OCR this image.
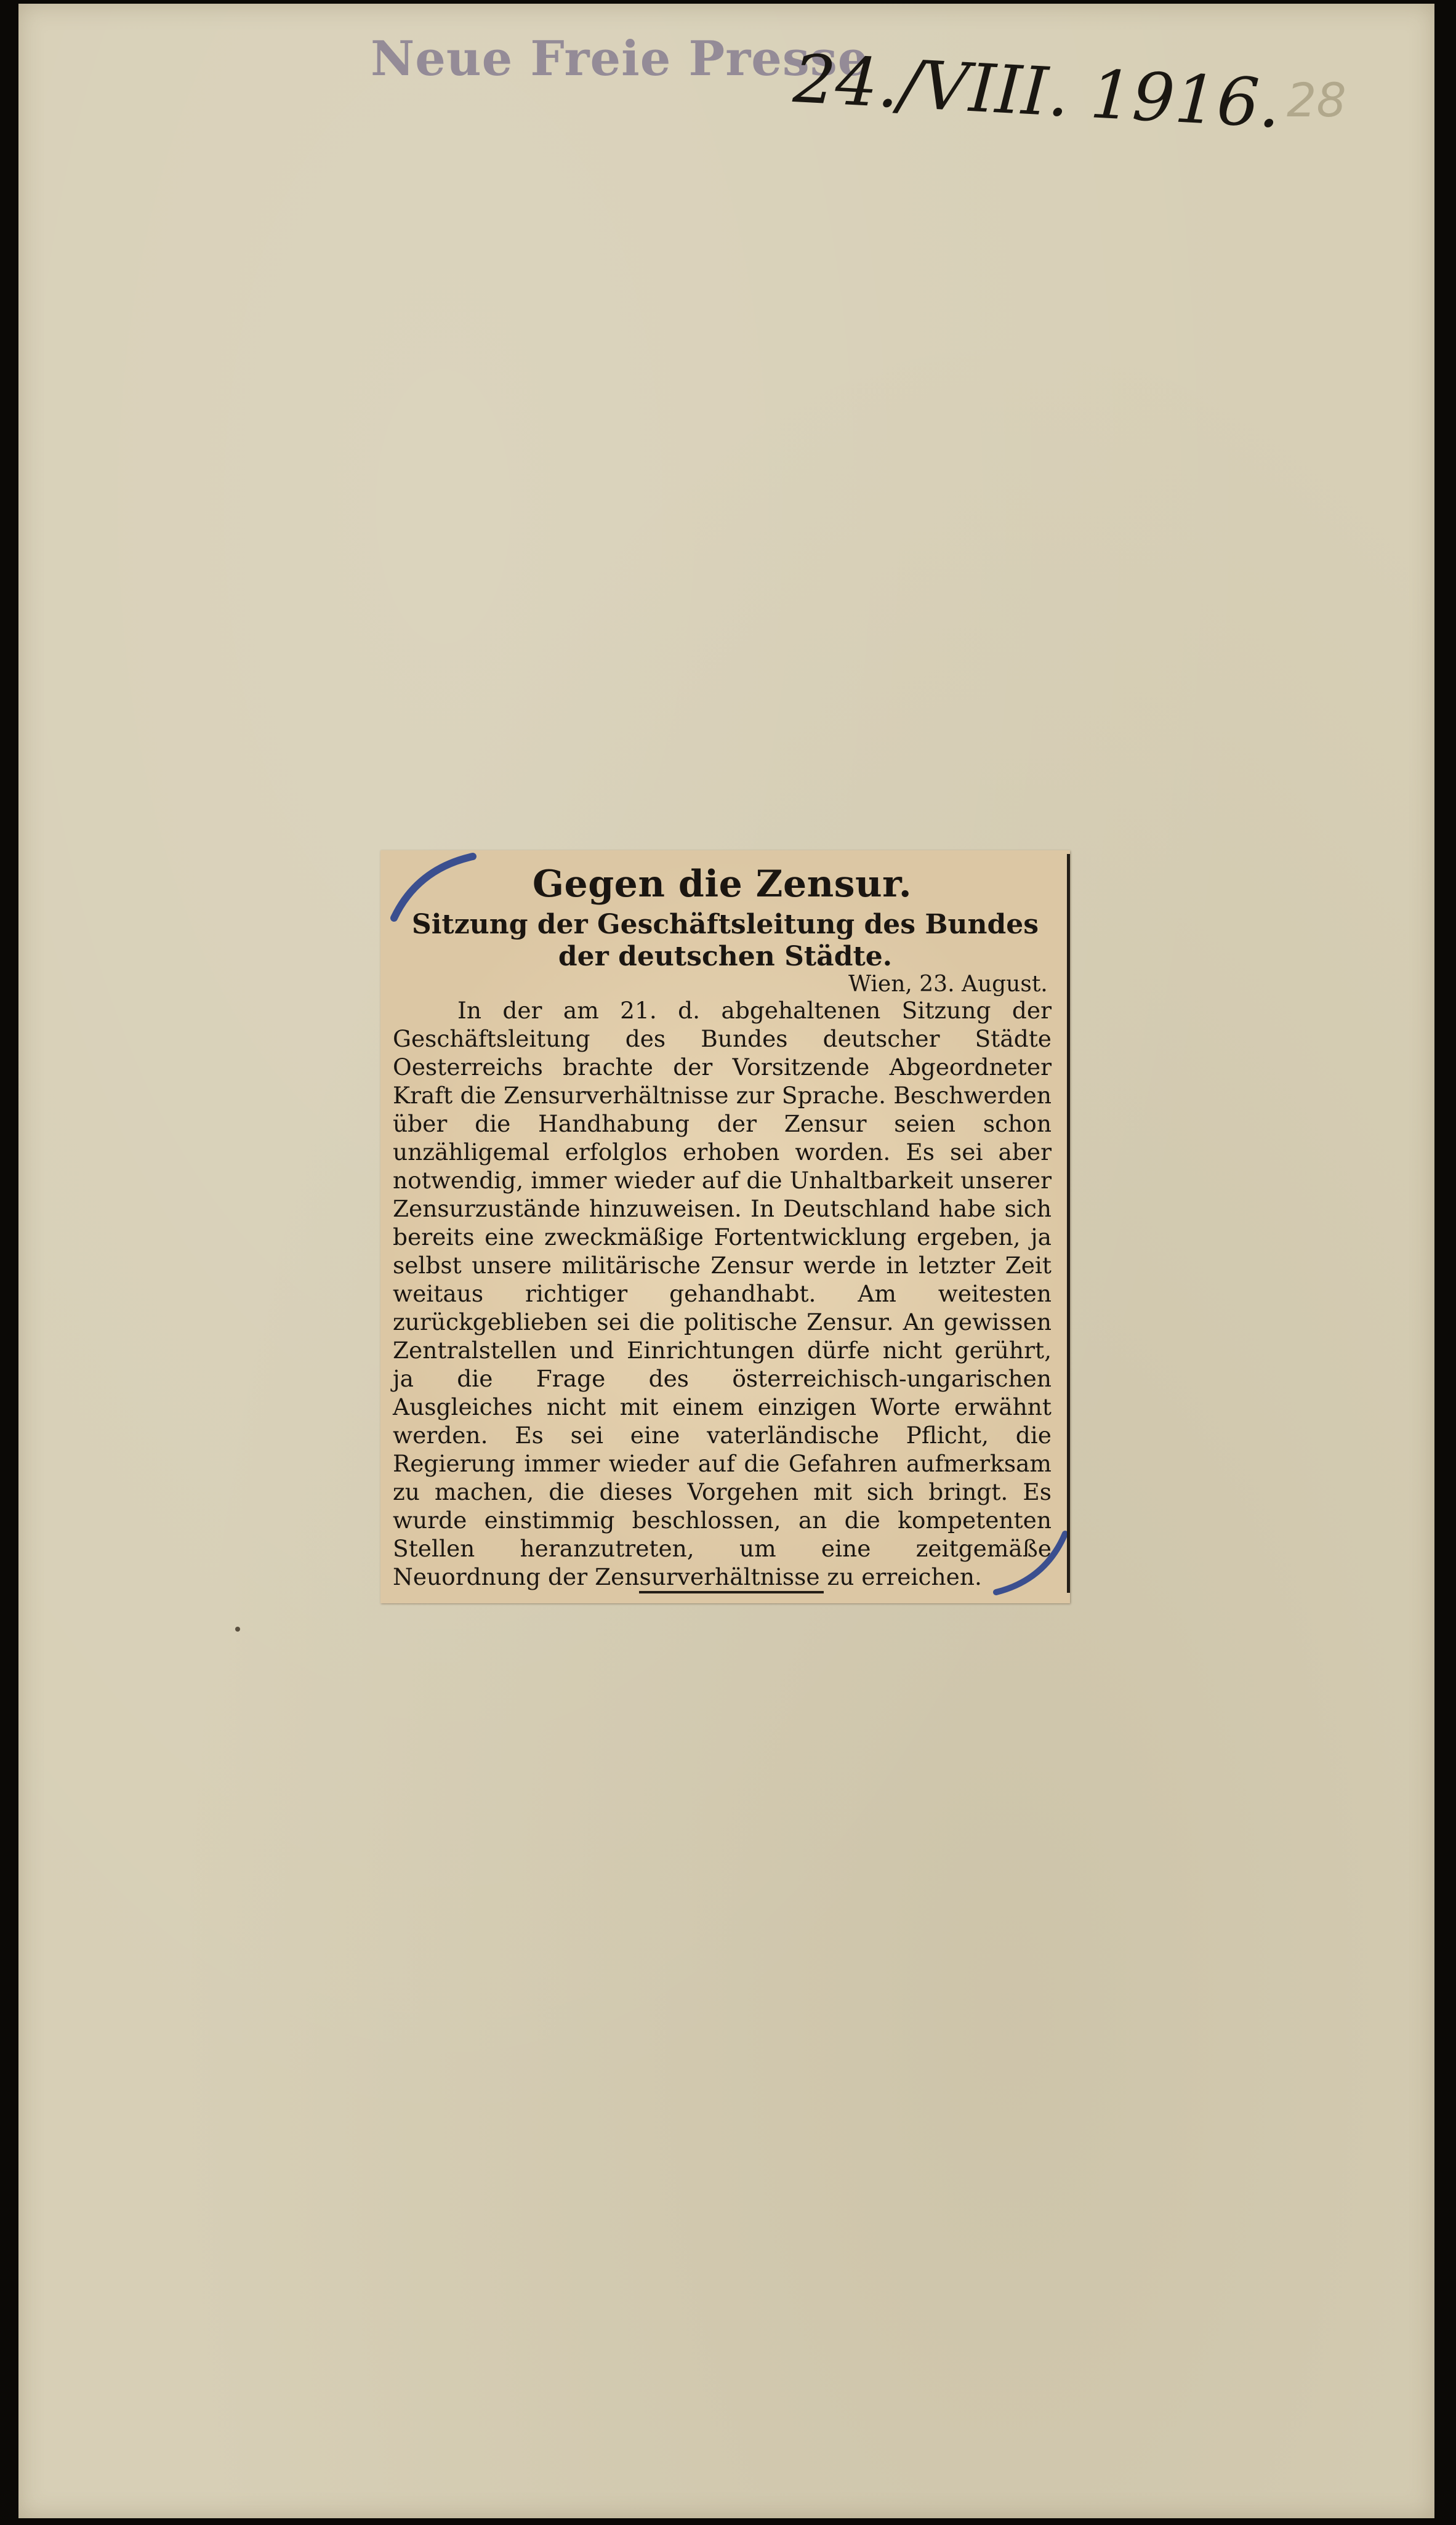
Neue Freie Presse
24./VIII. 1916. 28
Gegen die Zensur.
Sitzung der Geschäftsleitung des Bundes der deutschen Städte.
Wien, 23. August.
In der am 21. d. abgehaltenen Sitzung der Geschäftsleitung des Bundes deutscher Städte Oesterreichs brachte der Vorsitzende Abgeordneter Kraft die Zensurverhältnisse zur Sprache. Beschwerden über die Handhabung der Zensur seien schon unzähligemal erfolglos erhoben worden. Es sei aber notwendig, immer wieder auf die Unhaltbarkeit unserer Zensurzustände hinzuweisen. In Deutschland habe sich bereits eine zweckmäßige Fortentwicklung ergeben, ja selbst unsere militärische Zensur werde in letzter Zeit weitaus richtiger gehandhabt. Am weitesten zurückgeblieben sei die politische Zensur. An gewissen Zentralstellen und Einrichtungen dürfe nicht gerührt, ja die Frage des österreichisch-ungarischen Ausgleiches nicht mit einem einzigen Worte erwähnt werden. Es sei eine vaterländische Pflicht, die Regierung immer wieder auf die Gefahren aufmerksam zu machen, die dieses Vorgehen mit sich bringt. Es wurde einstimmig beschlossen, an die kompetenten Stellen heranzutreten, um eine zeitgemäße Neuordnung der Zensurverhältnisse zu erreichen.
